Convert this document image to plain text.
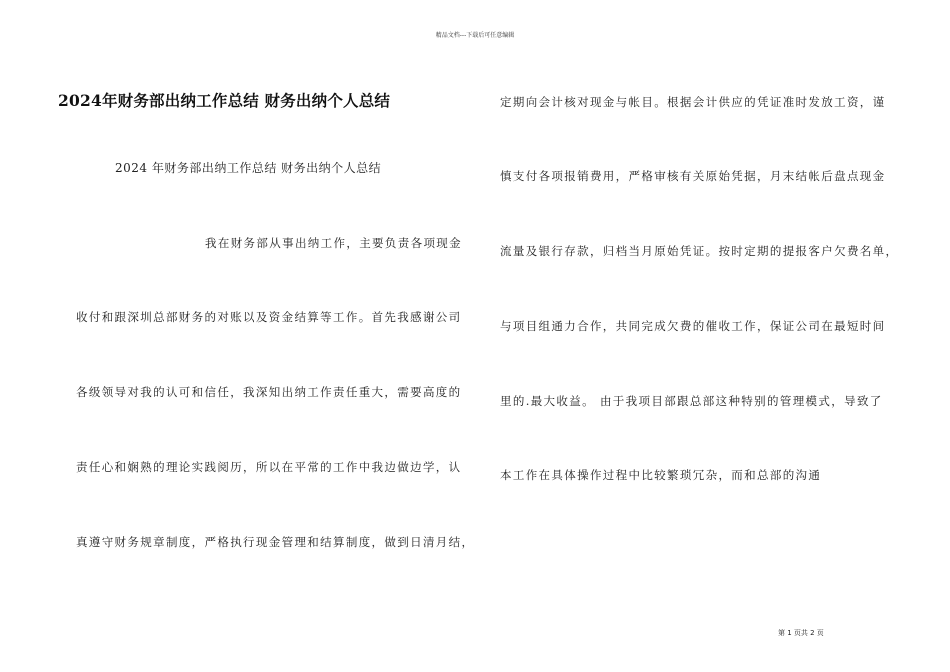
精品文档---下载后可任意编辑
2024年财务部出纳工作总结 财务出纳个人总结
2024 年财务部出纳工作总结 财务出纳个人总结
我在财务部从事出纳工作，主要负责各项现金
收付和跟深圳总部财务的对账以及资金结算等工作。首先我感谢公司
各级领导对我的认可和信任，我深知出纳工作责任重大，需要高度的
责任心和娴熟的理论实践阅历，所以在平常的工作中我边做边学，认
真遵守财务规章制度，严格执行现金管理和结算制度，做到日清月结，
定期向会计核对现金与帐目。根据会计供应的凭证准时发放工资，谨
慎支付各项报销费用，严格审核有关原始凭据，月末结帐后盘点现金
流量及银行存款，归档当月原始凭证。按时定期的提报客户欠费名单，
与项目组通力合作，共同完成欠费的催收工作，保证公司在最短时间
里的.最大收益。 由于我项目部跟总部这种特别的管理模式，导致了
本工作在具体操作过程中比较繁琐冗杂，而和总部的沟通
第 1 页共 2 页
